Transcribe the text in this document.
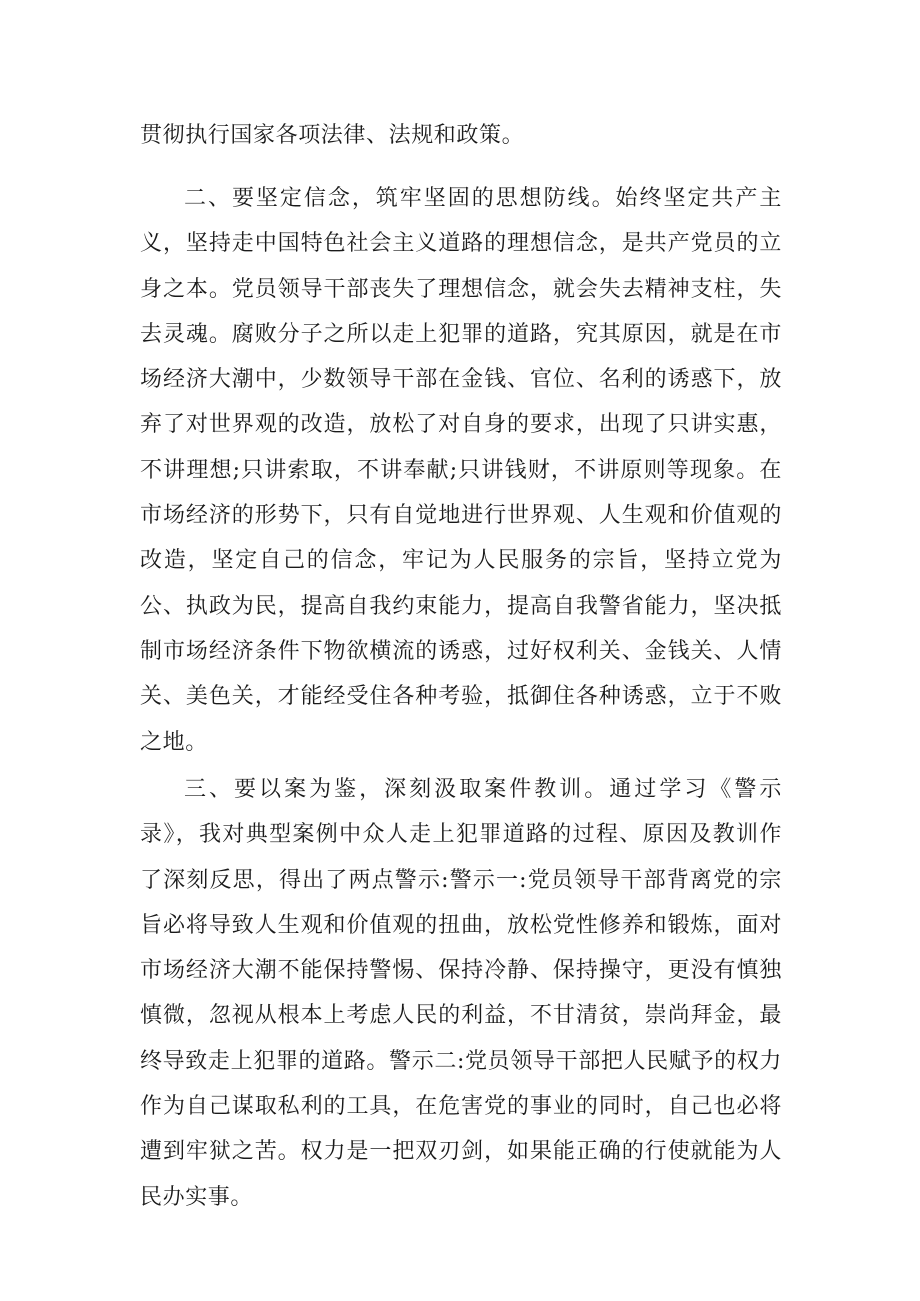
贯彻执行国家各项法律、法规和政策。

二、要坚定信念，筑牢坚固的思想防线。始终坚定共产主义，坚持走中国特色社会主义道路的理想信念，是共产党员的立身之本。党员领导干部丧失了理想信念，就会失去精神支柱，失去灵魂。腐败分子之所以走上犯罪的道路，究其原因，就是在市场经济大潮中，少数领导干部在金钱、官位、名利的诱惑下，放弃了对世界观的改造，放松了对自身的要求，出现了只讲实惠，不讲理想;只讲索取，不讲奉献;只讲钱财，不讲原则等现象。在市场经济的形势下，只有自觉地进行世界观、人生观和价值观的改造，坚定自己的信念，牢记为人民服务的宗旨，坚持立党为公、执政为民，提高自我约束能力，提高自我警省能力，坚决抵制市场经济条件下物欲横流的诱惑，过好权利关、金钱关、人情关、美色关，才能经受住各种考验，抵御住各种诱惑，立于不败之地。

三、要以案为鉴，深刻汲取案件教训。通过学习《警示录》，我对典型案例中众人走上犯罪道路的过程、原因及教训作了深刻反思，得出了两点警示:警示一:党员领导干部背离党的宗旨必将导致人生观和价值观的扭曲，放松党性修养和锻炼，面对市场经济大潮不能保持警惕、保持冷静、保持操守，更没有慎独慎微，忽视从根本上考虑人民的利益，不甘清贫，崇尚拜金，最终导致走上犯罪的道路。警示二:党员领导干部把人民赋予的权力作为自己谋取私利的工具，在危害党的事业的同时，自己也必将遭到牢狱之苦。权力是一把双刃剑，如果能正确的行使就能为人民办实事。
